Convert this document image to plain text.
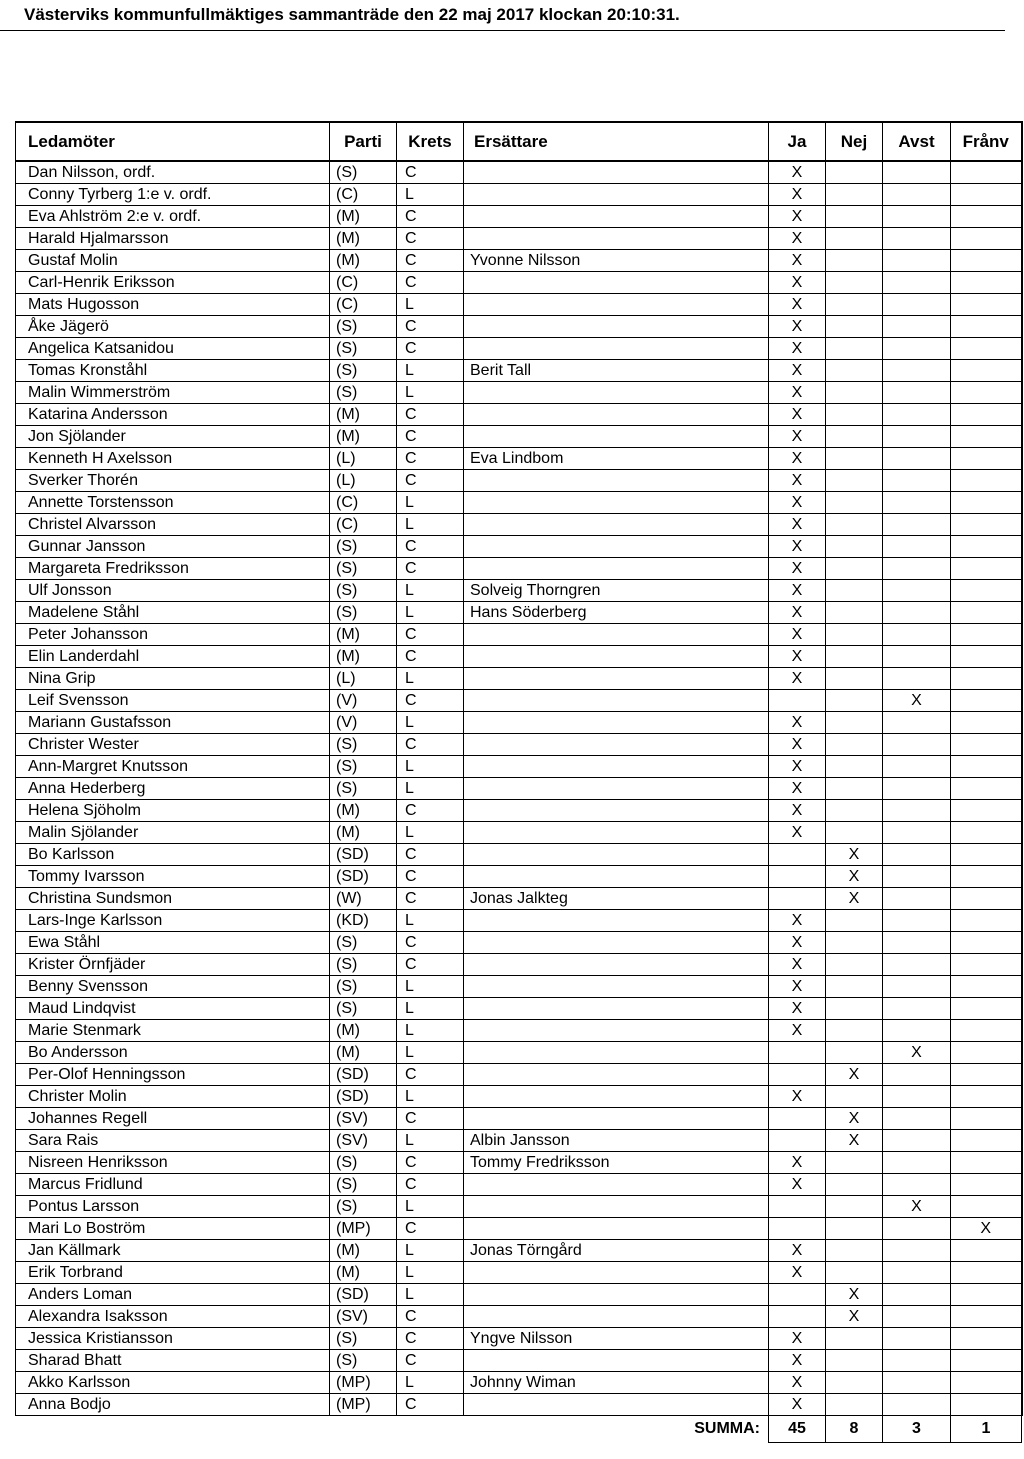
Västerviks kommunfullmäktiges sammanträde den 22 maj 2017 klockan 20:10:31.
Ledamöter	Parti	Krets	Ersättare	Ja	Nej	Avst	Frånv
Dan Nilsson, ordf.	(S)	C		X			
Conny Tyrberg 1:e v. ordf.	(C)	L		X			
Eva Ahlström 2:e v. ordf.	(M)	C		X			
Harald Hjalmarsson	(M)	C		X			
Gustaf Molin	(M)	C	Yvonne Nilsson	X			
Carl-Henrik Eriksson	(C)	C		X			
Mats Hugosson	(C)	L		X			
Åke Jägerö	(S)	C		X			
Angelica Katsanidou	(S)	C		X			
Tomas Kronståhl	(S)	L	Berit Tall	X			
Malin Wimmerström	(S)	L		X			
Katarina Andersson	(M)	C		X			
Jon Sjölander	(M)	C		X			
Kenneth H Axelsson	(L)	C	Eva Lindbom	X			
Sverker Thorén	(L)	C		X			
Annette Torstensson	(C)	L		X			
Christel Alvarsson	(C)	L		X			
Gunnar Jansson	(S)	C		X			
Margareta Fredriksson	(S)	C		X			
Ulf Jonsson	(S)	L	Solveig Thorngren	X			
Madelene Ståhl	(S)	L	Hans Söderberg	X			
Peter Johansson	(M)	C		X			
Elin Landerdahl	(M)	C		X			
Nina Grip	(L)	L		X			
Leif Svensson	(V)	C				X	
Mariann Gustafsson	(V)	L		X			
Christer Wester	(S)	C		X			
Ann-Margret Knutsson	(S)	L		X			
Anna Hederberg	(S)	L		X			
Helena Sjöholm	(M)	C		X			
Malin Sjölander	(M)	L		X			
Bo Karlsson	(SD)	C			X		
Tommy Ivarsson	(SD)	C			X		
Christina Sundsmon	(W)	C	Jonas Jalkteg		X		
Lars-Inge Karlsson	(KD)	L		X			
Ewa Ståhl	(S)	C		X			
Krister Örnfjäder	(S)	C		X			
Benny Svensson	(S)	L		X			
Maud Lindqvist	(S)	L		X			
Marie Stenmark	(M)	L		X			
Bo Andersson	(M)	L				X	
Per-Olof Henningsson	(SD)	C			X		
Christer Molin	(SD)	L		X			
Johannes Regell	(SV)	C			X		
Sara Rais	(SV)	L	Albin Jansson		X		
Nisreen Henriksson	(S)	C	Tommy Fredriksson	X			
Marcus Fridlund	(S)	C		X			
Pontus Larsson	(S)	L				X	
Mari Lo Boström	(MP)	C					X
Jan Källmark	(M)	L	Jonas Törngård	X			
Erik Torbrand	(M)	L		X			
Anders Loman	(SD)	L			X		
Alexandra Isaksson	(SV)	C			X		
Jessica Kristiansson	(S)	C	Yngve Nilsson	X			
Sharad Bhatt	(S)	C		X			
Akko Karlsson	(MP)	L	Johnny Wiman	X			
Anna Bodjo	(MP)	C		X			
			SUMMA:	45	8	3	1
